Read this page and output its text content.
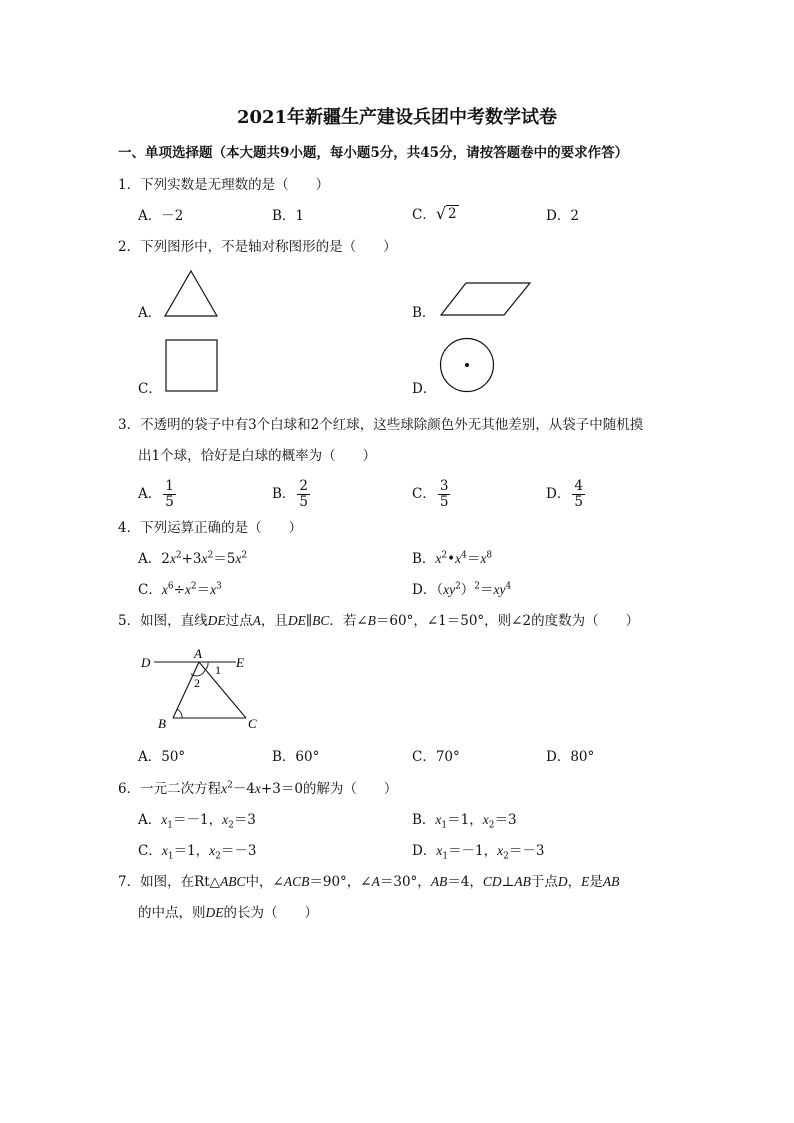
2021年新疆生产建设兵团中考数学试卷
一、单项选择题（本大题共9小题，每小题5分，共45分，请按答题卷中的要求作答）
1．下列实数是无理数的是（　　）
A．－2	B．1	C． √ 2	D．2
2．下列图形中，不是轴对称图形的是（　　）
A．	B．
C．	D．
3．不透明的袋子中有3个白球和2个红球，这些球除颜色外无其他差别，从袋子中随机摸
出1个球，恰好是白球的概率为（　　）
A． $\frac{1}{5}$	B． $\frac{2}{5}$	C． $\frac{3}{5}$	D． $\frac{4}{5}$
4．下列运算正确的是（　　）
A．$2x^2+3x^2=5x^2$	B．$x^2•x^4=x^8$
C．$x^6\div x^2=x^3$	D．$(xy^2)^2=xy^4$
5．如图，直线DE过点A，且DE∥BC．若∠B＝60°，∠1＝50°，则∠2的度数为（　　）
D
A
E
1
2
B	C
A．50°	B．60°	C．70°	D．80°
6．一元二次方程$x^2-4x+3=0$的解为（　　）
A．$x_1=-1$，$x_2=3$	B．$x_1=1$，$x_2=3$
C．$x_1=1$，$x_2=-3$	D．$x_1=-1$，$x_2=-3$
7．如图，在Rt△ABC中，∠ACB＝90°，∠A＝30°，AB＝4，CD⊥AB于点D，E是AB
的中点，则DE的长为（　　）
